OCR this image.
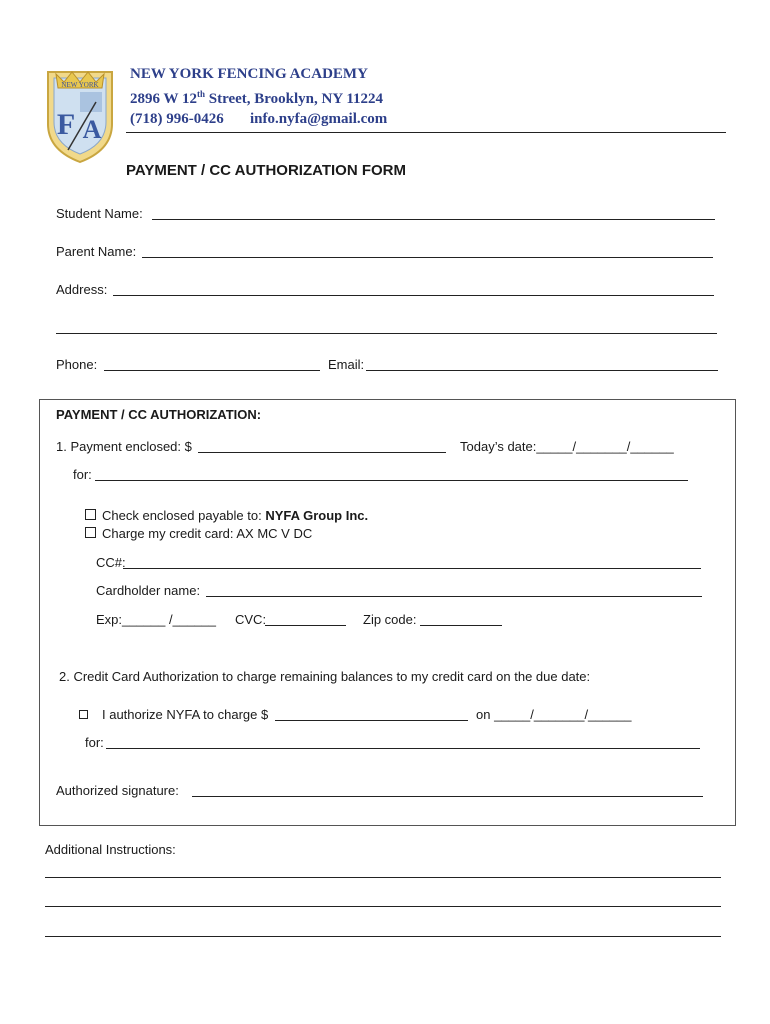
NEW YORK
F A
NEW YORK FENCING ACADEMY
2896 W 12th Street, Brooklyn, NY 11224
(718) 996-0426 info.nyfa@gmail.com
PAYMENT / CC AUTHORIZATION FORM
Student Name:
Parent Name:
Address:
Phone:	Email:
PAYMENT / CC AUTHORIZATION:
1. Payment enclosed: $	Today’s date:_____/_______/______
for:
Check enclosed payable to: NYFA Group Inc.
Charge my credit card: AX MC V DC
CC#:
Cardholder name:
Exp:______ /______ CVC:	Zip code:
2. Credit Card Authorization to charge remaining balances to my credit card on the due date:
I authorize NYFA to charge $	on _____/_______/______
for:
Authorized signature:
Additional Instructions:
